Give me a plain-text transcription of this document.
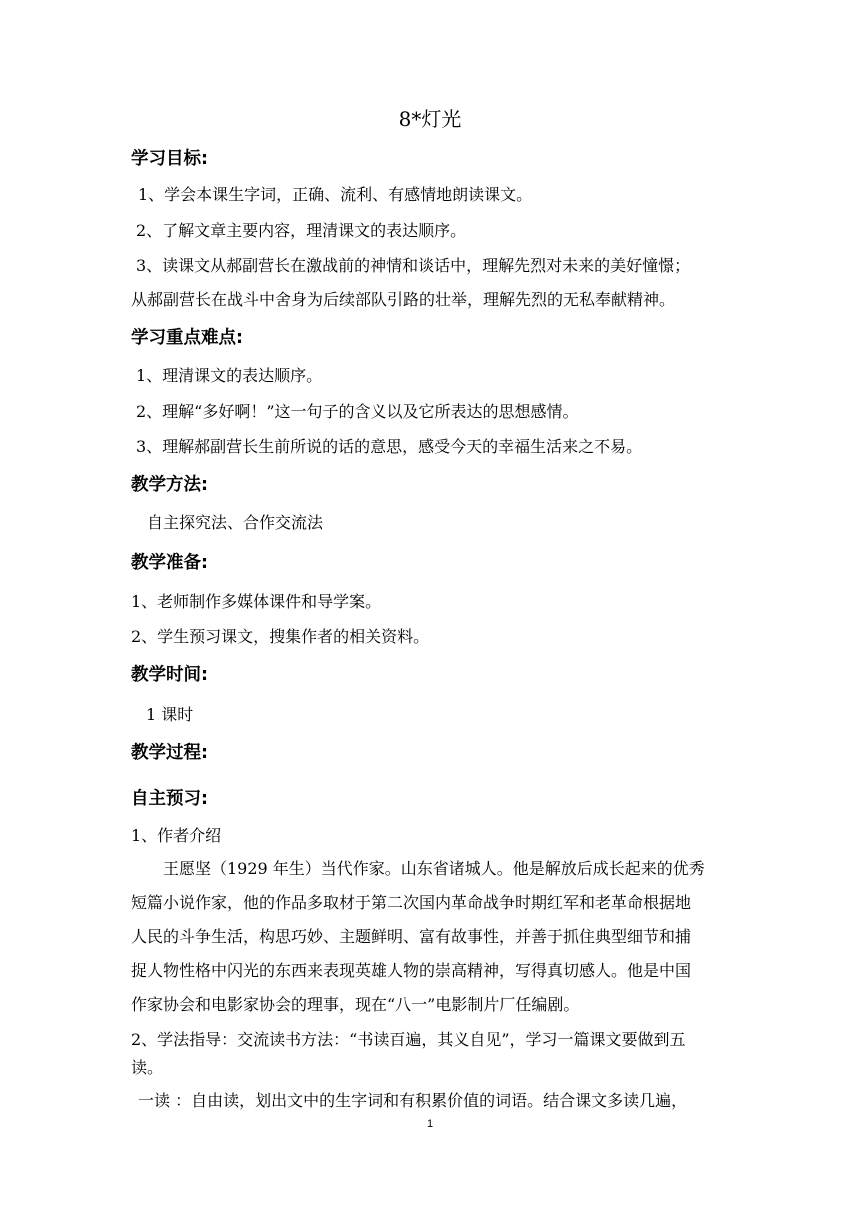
8*灯光
学习目标:
1、学会本课生字词，正确、流利、有感情地朗读课文。
2、了解文章主要内容，理清课文的表达顺序。
3、读课文从郝副营长在激战前的神情和谈话中，理解先烈对未来的美好憧憬；
从郝副营长在战斗中舍身为后续部队引路的壮举，理解先烈的无私奉献精神。
学习重点难点:
1、理清课文的表达顺序。
2、理解“多好啊！”这一句子的含义以及它所表达的思想感情。
3、理解郝副营长生前所说的话的意思，感受今天的幸福生活来之不易。
教学方法:
自主探究法、合作交流法
教学准备:
1、老师制作多媒体课件和导学案。
2、学生预习课文，搜集作者的相关资料。
教学时间:
1 课时
教学过程:
自主预习:
1、作者介绍
王愿坚（1929 年生）当代作家。山东省诸城人。他是解放后成长起来的优秀
短篇小说作家，他的作品多取材于第二次国内革命战争时期红军和老革命根据地
人民的斗争生活，构思巧妙、主题鲜明、富有故事性，并善于抓住典型细节和捕
捉人物性格中闪光的东西来表现英雄人物的崇高精神，写得真切感人。他是中国
作家协会和电影家协会的理事，现在“八一”电影制片厂任编剧。
2、学法指导：交流读书方法：“书读百遍，其义自见”，学习一篇课文要做到五
读。
一读 ：自由读，划出文中的生字词和有积累价值的词语。结合课文多读几遍，
1
